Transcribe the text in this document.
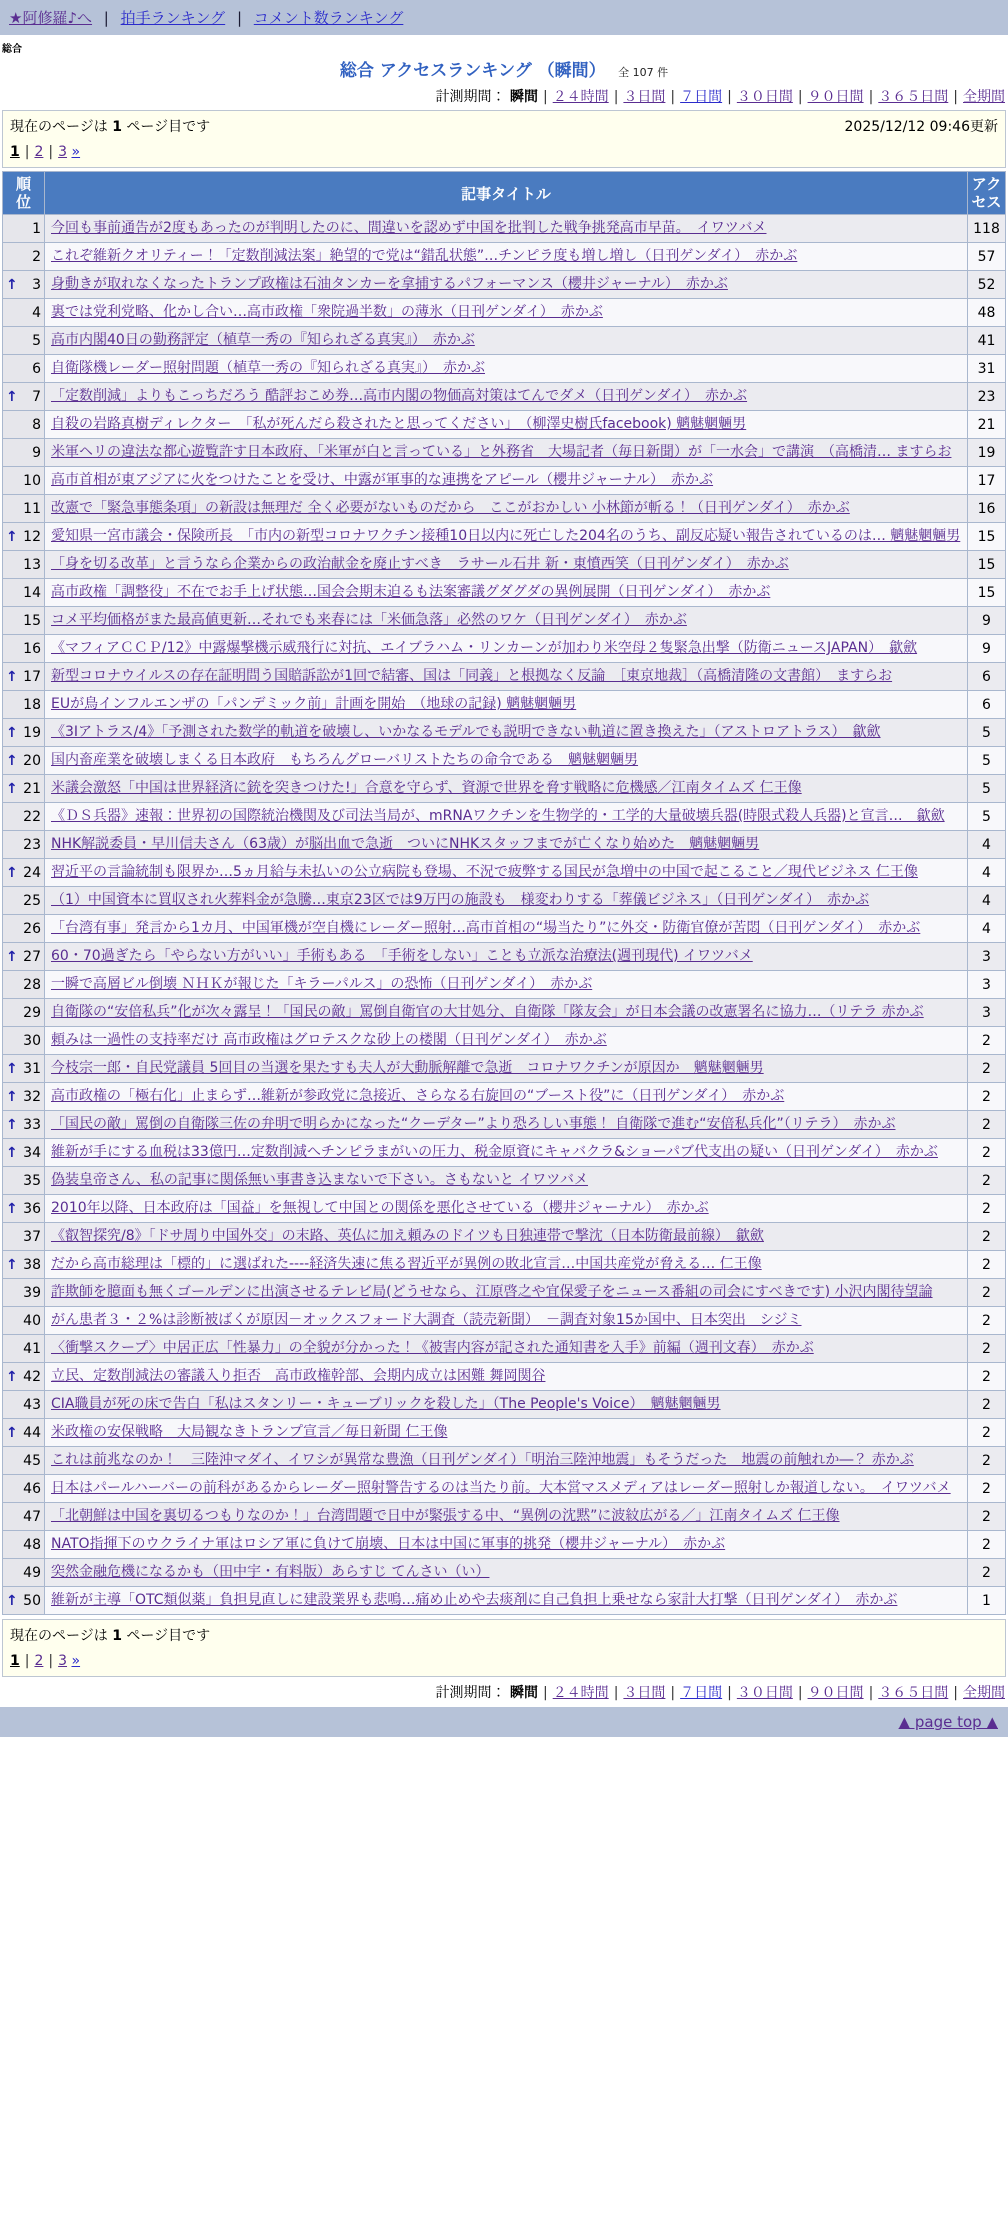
★阿修羅♪へ | 拍手ランキング | コメント数ランキング
総合
総合 アクセスランキング （瞬間） 全 107 件
計測期間： 瞬間 | ２４時間 | ３日間 | ７日間 | ３０日間 | ９０日間 | ３６５日間 | 全期間
現在のページは 1 ページ目です	2025/12/12 09:46更新
1 | 2 | 3 »
順位	記事タイトル	アクセス
1	今回も事前通告が2度もあったのが判明したのに、間違いを認めず中国を批判した戦争挑発高市早苗。　イワツバメ	118
2	これぞ維新クオリティー！「定数削減法案」絶望的で党は“錯乱状態”…チンピラ度も増し増し（日刊ゲンダイ）　赤かぶ	57

↑ 3	身動きが取れなくなったトランプ政権は石油タンカーを拿捕するパフォーマンス（櫻井ジャーナル）　赤かぶ	52
4	裏では党利党略、化かし合い…高市政権「衆院過半数」の薄氷（日刊ゲンダイ）　赤かぶ	48
5	高市内閣40日の勤務評定（植草一秀の『知られざる真実』）　赤かぶ	41
6	自衛隊機レーダー照射問題（植草一秀の『知られざる真実』）　赤かぶ	31

↑ 7	「定数削減」よりもこっちだろう 酷評おこめ券…高市内閣の物価高対策はてんでダメ（日刊ゲンダイ）　赤かぶ	23
8	自殺の岩路真樹ディレクター　「私が死んだら殺されたと思ってください」　（柳澤史樹氏facebook) 魑魅魍魎男	21
9	米軍ヘリの違法な都心遊覧許す日本政府、「米軍が白と言っている」と外務省　大場記者（毎日新聞）が「一水会」で講演　（高橋清… ますらお	19
10	高市首相が東アジアに火をつけたことを受け、中露が軍事的な連携をアピール（櫻井ジャーナル）　赤かぶ	17
11	改憲で「緊急事態条項」の新設は無理だ 全く必要がないものだから　ここがおかしい 小林節が斬る！（日刊ゲンダイ）　赤かぶ	16

↑ 12	愛知県一宮市議会・保険所長　「市内の新型コロナワクチン接種10日以内に死亡した204名のうち、副反応疑い報告されているのは… 魑魅魍魎男	15
13	「身を切る改革」と言うなら企業からの政治献金を廃止すべき　ラサール石井 新・東憤西笑（日刊ゲンダイ）　赤かぶ	15
14	高市政権「調整役」不在でお手上げ状態…国会会期末迫るも法案審議グダグダの異例展開（日刊ゲンダイ）　赤かぶ	15
15	コメ平均価格がまた最高値更新…それでも来春には「米価急落」必然のワケ（日刊ゲンダイ）　赤かぶ	9
16	《マフィアＣＣＰ/12》中露爆撃機示威飛行に対抗、エイブラハム・リンカーンが加わり米空母２隻緊急出撃（防衛ニュースJAPAN）　歙歛	9

↑ 17	新型コロナウイルスの存在証明問う国賠訴訟が1回で結審、国は「同義」と根拠なく反論　［東京地裁］（高橋清隆の文書館）　ますらお	6
18	EUが鳥インフルエンザの「パンデミック前」計画を開始　（地球の記録) 魑魅魍魎男	6

↑ 19	《3Iアトラス/4》「予測された数学的軌道を破壊し、いかなるモデルでも説明できない軌道に置き換えた」（アストロアトラス）　歙歛	5

↑ 20	国内畜産業を破壊しまくる日本政府　もちろんグローバリストたちの命令である　魑魅魍魎男	5

↑ 21	米議会激怒「中国は世界経済に銃を突きつけた!」合意を守らず、資源で世界を脅す戦略に危機感／江南タイムズ 仁王像	5
22	《ＤＳ兵器》速報：世界初の国際統治機関及び司法当局が、mRNAワクチンを生物学的・工学的大量破壊兵器(時限式殺人兵器)と宣言…　歙歛	5
23	NHK解説委員・早川信夫さん（63歳）が脳出血で急逝　ついにNHKスタッフまでが亡くなり始めた　魑魅魍魎男	4

↑ 24	習近平の言論統制も限界か…5ヵ月給与未払いの公立病院も登場、不況で疲弊する国民が急増中の中国で起こること／現代ビジネス 仁王像	4
25	（1）中国資本に買収され火葬料金が急騰…東京23区では9万円の施設も　様変わりする「葬儀ビジネス」（日刊ゲンダイ）　赤かぶ	4
26	「台湾有事」発言から1カ月、中国軍機が空自機にレーダー照射…高市首相の“場当たり”に外交・防衛官僚が苦悶（日刊ゲンダイ）　赤かぶ	4

↑ 27	60・70過ぎたら「やらない方がいい」手術もある　「手術をしない」ことも立派な治療法(週刊現代) イワツバメ	3
28	一瞬で高層ビル倒壊 ＮＨＫが報じた「キラーパルス」の恐怖（日刊ゲンダイ）　赤かぶ	3
29	自衛隊の“安倍私兵”化が次々露呈！「国民の敵」罵倒自衛官の大甘処分、自衛隊「隊友会」が日本会議の改憲署名に協力…（リテラ 赤かぶ	3
30	頼みは一過性の支持率だけ 高市政権はグロテスクな砂上の楼閣（日刊ゲンダイ）　赤かぶ	2

↑ 31	今枝宗一郎・自民党議員 5回目の当選を果たすも夫人が大動脈解離で急逝　コロナワクチンが原因か　魑魅魍魎男	2

↑ 32	高市政権の「極右化」止まらず…維新が参政党に急接近、さらなる右旋回の“ブースト役”に（日刊ゲンダイ）　赤かぶ	2

↑ 33	「国民の敵」罵倒の自衛隊三佐の弁明で明らかになった“クーデター”より恐ろしい事態！ 自衛隊で進む“安倍私兵化”（リテラ）　赤かぶ	2

↑ 34	維新が手にする血税は33億円…定数削減へチンピラまがいの圧力、税金原資にキャバクラ&ショーパブ代支出の疑い（日刊ゲンダイ）　赤かぶ	2
35	偽装皇帝さん、私の記事に関係無い事書き込まないで下さい。さもないと イワツバメ	2

↑ 36	2010年以降、日本政府は「国益」を無視して中国との関係を悪化させている（櫻井ジャーナル）　赤かぶ	2
37	《叡智探究/8》「ドサ周り中国外交」の末路、英仏に加え頼みのドイツも日独連帯で撃沈（日本防衛最前線）　歙歛	2

↑ 38	だから高市総理は「標的」に選ばれた----経済失速に焦る習近平が異例の敗北宣言…中国共産党が脅える… 仁王像	2
39	詐欺師を臆面も無くゴールデンに出演させるテレビ局(どうせなら、江原啓之や宜保愛子をニュース番組の司会にすべきです) 小沢内閣待望論	2
40	がん患者３・２%は診断被ばくが原因－オックスフォード大調査（読売新聞）　－調査対象15か国中、日本突出　シジミ	2
41	〈衝撃スクープ〉中居正広「性暴力」の全貌が分かった！《被害内容が記された通知書を入手》前編（週刊文春）　赤かぶ	2

↑ 42	立民、定数削減法の審議入り拒否　高市政権幹部、会期内成立は困難 舞岡関谷	2
43	CIA職員が死の床で告白「私はスタンリー・キューブリックを殺した」（The People's Voice）　魑魅魍魎男	2

↑ 44	米政権の安保戦略　大局観なきトランプ宣言／毎日新聞 仁王像	2
45	これは前兆なのか！　三陸沖マダイ、イワシが異常な豊漁（日刊ゲンダイ）「明治三陸沖地震」もそうだった　地震の前触れか―？ 赤かぶ	2
46	日本はパールハーバーの前科があるからレーダー照射警告するのは当たり前。大本営マスメディアはレーダー照射しか報道しない。　イワツバメ	2
47	「北朝鮮は中国を裏切るつもりなのか！」台湾問題で日中が緊張する中、“異例の沈黙”に波紋広がる／」江南タイムズ 仁王像	2
48	NATO指揮下のウクライナ軍はロシア軍に負けて崩壊、日本は中国に軍事的挑発（櫻井ジャーナル）　赤かぶ	2
49	突然金融危機になるかも（田中宇・有料版）あらすじ てんさい（い）	2

↑ 50	維新が主導「OTC類似薬」負担見直しに建設業界も悲鳴…痛め止めや去痰剤に自己負担上乗せなら家計大打撃（日刊ゲンダイ）　赤かぶ	1
現在のページは 1 ページ目です
1 | 2 | 3 »
計測期間： 瞬間 | ２４時間 | ３日間 | ７日間 | ３０日間 | ９０日間 | ３６５日間 | 全期間
▲ page top ▲
